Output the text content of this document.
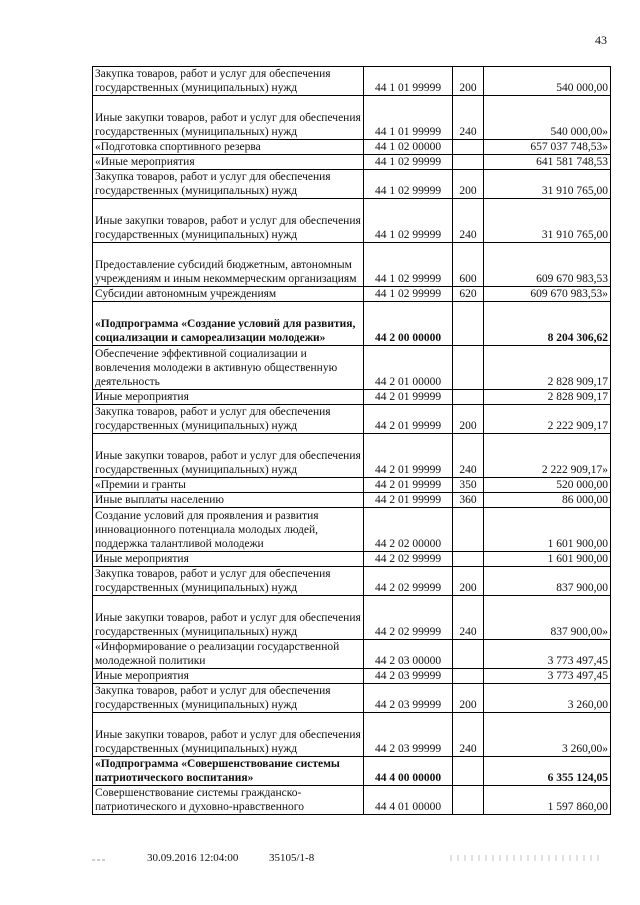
43
Закупка товаров, работ и услуг для обеспечения государственных (муниципальных) нужд	44 1 01 99999	200	540 000,00
Иные закупки товаров, работ и услуг для обеспечения государственных (муниципальных) нужд	44 1 01 99999	240	540 000,00»
«Подготовка спортивного резерва	44 1 02 00000		657 037 748,53»
«Иные мероприятия	44 1 02 99999		641 581 748,53
Закупка товаров, работ и услуг для обеспечения государственных (муниципальных) нужд	44 1 02 99999	200	31 910 765,00
Иные закупки товаров, работ и услуг для обеспечения государственных (муниципальных) нужд	44 1 02 99999	240	31 910 765,00
Предоставление субсидий бюджетным, автономным учреждениям и иным некоммерческим организациям	44 1 02 99999	600	609 670 983,53
Субсидии автономным учреждениям	44 1 02 99999	620	609 670 983,53»
«Подпрограмма «Создание условий для развития, социализации и самореализации молодежи»	44 2 00 00000		8 204 306,62
Обеспечение эффективной социализации и вовлечения молодежи в активную общественную деятельность	44 2 01 00000		2 828 909,17
Иные мероприятия	44 2 01 99999		2 828 909,17
Закупка товаров, работ и услуг для обеспечения государственных (муниципальных) нужд	44 2 01 99999	200	2 222 909,17
Иные закупки товаров, работ и услуг для обеспечения государственных (муниципальных) нужд	44 2 01 99999	240	2 222 909,17»
«Премии и гранты	44 2 01 99999	350	520 000,00
Иные выплаты населению	44 2 01 99999	360	86 000,00
Создание условий для проявления и развития инновационного потенциала молодых людей, поддержка талантливой молодежи	44 2 02 00000		1 601 900,00
Иные мероприятия	44 2 02 99999		1 601 900,00
Закупка товаров, работ и услуг для обеспечения государственных (муниципальных) нужд	44 2 02 99999	200	837 900,00
Иные закупки товаров, работ и услуг для обеспечения государственных (муниципальных) нужд	44 2 02 99999	240	837 900,00»
«Информирование о реализации государственной молодежной политики	44 2 03 00000		3 773 497,45
Иные мероприятия	44 2 03 99999		3 773 497,45
Закупка товаров, работ и услуг для обеспечения государственных (муниципальных) нужд	44 2 03 99999	200	3 260,00
Иные закупки товаров, работ и услуг для обеспечения государственных (муниципальных) нужд	44 2 03 99999	240	3 260,00»
«Подпрограмма «Совершенствование системы патриотического воспитания»	44 4 00 00000		6 355 124,05
Совершенствование системы гражданско-патриотического и духовно-нравственного	44 4 01 00000		1 597 860,00
30.09.2016 12:04:00	35105/1-8
